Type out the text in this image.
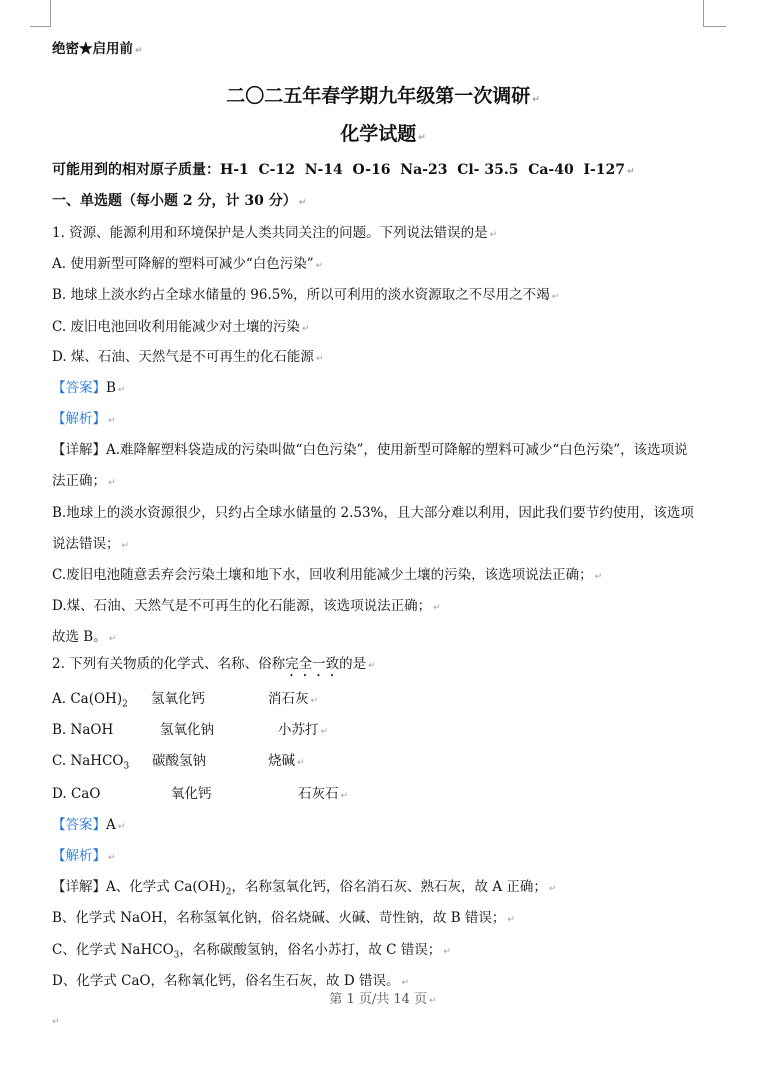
绝密★启用前 ↵
二〇二五年春学期九年级第一次调研 ↵
化学试题 ↵
可能用到的相对原子质量：H-1  C-12  N-14  O-16  Na-23  Cl- 35.5  Ca-40  I-127 ↵
一、单选题（每小题 2 分，计 30 分） ↵
1. 资源、能源利用和环境保护是人类共同关注的问题。下列说法错误的是 ↵
A. 使用新型可降解的塑料可减少“白色污染” ↵
B. 地球上淡水约占全球水储量的 96.5%，所以可利用的淡水资源取之不尽用之不竭 ↵
C. 废旧电池回收利用能减少对土壤的污染 ↵
D. 煤、石油、天然气是不可再生的化石能源 ↵
【答案】B ↵
【解析】 ↵
【详解】A.难降解塑料袋造成的污染叫做“白色污染”，使用新型可降解的塑料可减少“白色污染”，该选项说
法正确； ↵
B.地球上的淡水资源很少，只约占全球水储量的 2.53%，且大部分难以利用，因此我们要节约使用，该选项
说法错误； ↵
C.废旧电池随意丢弃会污染土壤和地下水，回收利用能减少土壤的污染，该选项说法正确； ↵
D.煤、石油、天然气是不可再生的化石能源，该选项说法正确； ↵
故选 B。 ↵
2. 下列有关物质的化学式、名称、俗称完全一致的是 ↵
A. $Ca(OH)_2$ 氢氧化钙	消石灰 ↵
B. NaOH	氢氧化钠	小苏打 ↵
C. NaHCO$_3$ 碳酸氢钠	烧碱 ↵
D. CaO	氧化钙	石灰石 ↵
【答案】A ↵
【解析】 ↵
【详解】A、化学式 $Ca(OH)_2$，名称氢氧化钙，俗名消石灰、熟石灰，故 A 正确； ↵
B、化学式 NaOH，名称氢氧化钠，俗名烧碱、火碱、苛性钠，故 B 错误； ↵
C、化学式 NaHCO$_3$，名称碳酸氢钠，俗名小苏打，故 C 错误； ↵
D、化学式 CaO，名称氧化钙，俗名生石灰，故 D 错误。 ↵
第 1 页/共 14 页 ↵
↵
